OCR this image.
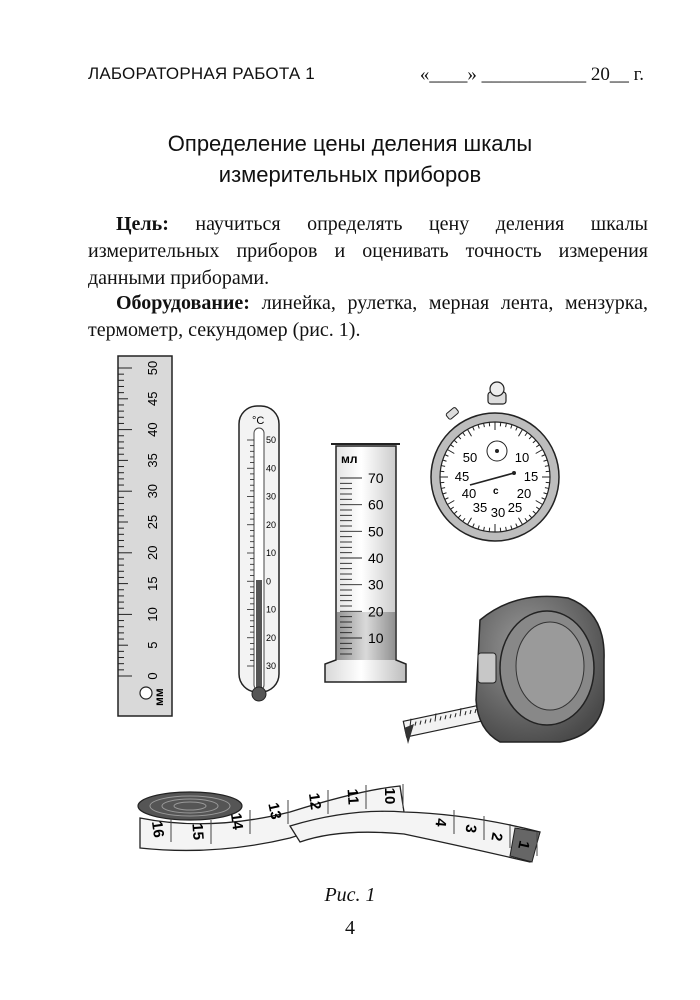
ЛАБОРАТОРНАЯ РАБОТА 1	«____» ___________ 20__ г.
Определение цены деления шкалы
измерительных приборов
Цель: научиться определять цену деления шкалы измерительных приборов и оценивать точность измерения данными приборами.
Оборудование: линейка, рулетка, мерная лента, мензурка, термометр, секундомер (рис. 1).
0
5
10
15
20
25
30
35
40
45
50
мм
°C
50
40
30
20
10
0
10
20
30
мл
70
60
50
40
30
20
10
50	10
45	15
40	20
35 30 25
с
16 15
14
13 12 11 10
4
3
2
1
Рис. 1
4
